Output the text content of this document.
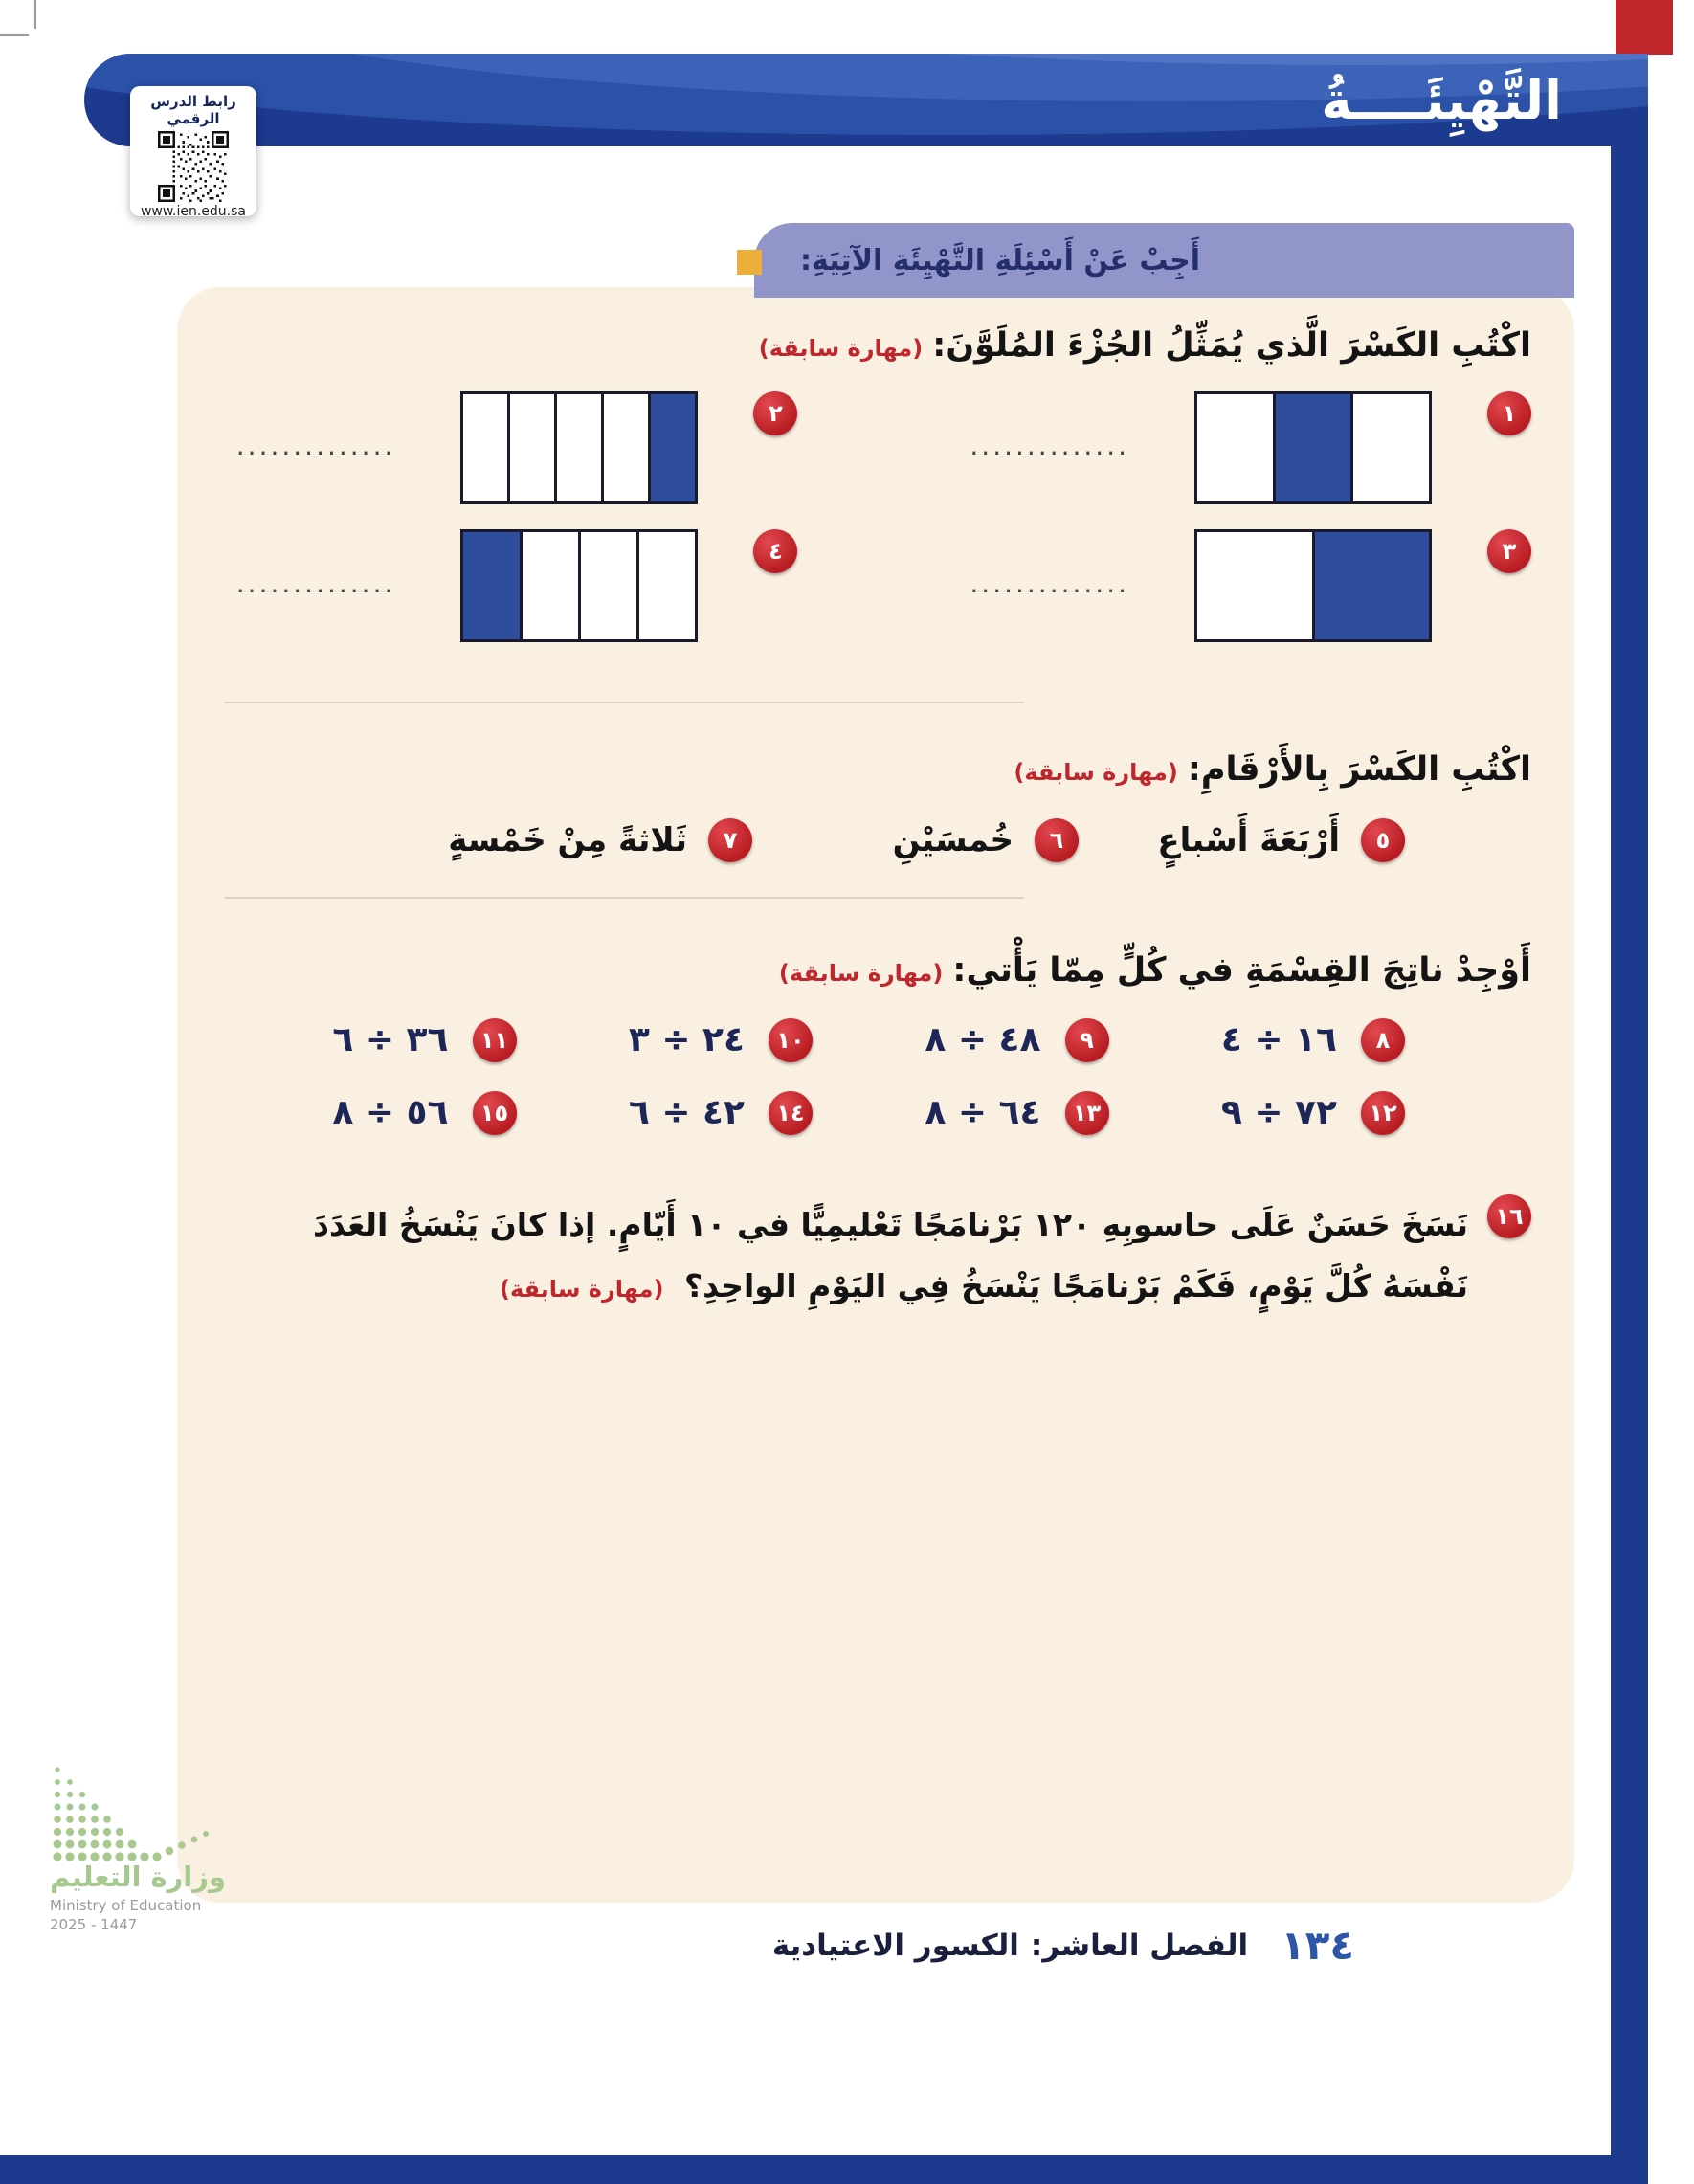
التَّهْيِئَــــةُ
رابط الدرس الرقمي
www.ien.edu.sa
أَجِبْ عَنْ أَسْئِلَةِ التَّهْيِئَةِ الآتِيَةِ:
اكْتُبِ الكَسْرَ الَّذي يُمَثِّلُ الجُزْءَ المُلَوَّنَ:(مهارة سابقة)
١
..............
٢
..............
٣
..............
٤
..............
اكْتُبِ الكَسْرَ بِالأَرْقَامِ:(مهارة سابقة)
٥
أَرْبَعَةَ أَسْباعٍ
٦
خُمسَيْنِ
٧
ثَلاثةً مِنْ خَمْسةٍ
أَوْجِدْ ناتِجَ القِسْمَةِ في كُلٍّ مِمّا يَأْتي:(مهارة سابقة)
٨
١٦ ÷ ٤
٩
٤٨ ÷ ٨
١٠
٢٤ ÷ ٣
١١
٣٦ ÷ ٦
١٢
٧٢ ÷ ٩
١٣
٦٤ ÷ ٨
١٤
٤٢ ÷ ٦
١٥
٥٦ ÷ ٨
١٦

نَسَخَ حَسَنٌ عَلَى حاسوبِهِ ١٢٠ بَرْنامَجًا تَعْليمِيًّا في ١٠ أَيّامٍ. إذا كانَ يَنْسَخُ العَدَدَ نَفْسَهُ كُلَّ يَوْمٍ، فَكَمْ بَرْنامَجًا يَنْسَخُ فِي اليَوْمِ الواحِدِ؟ (مهارة سابقة)

وزارة التعليم
Ministry of Education
2025 - 1447	١٣٤
الفصل العاشر:الكسور الاعتيادية
